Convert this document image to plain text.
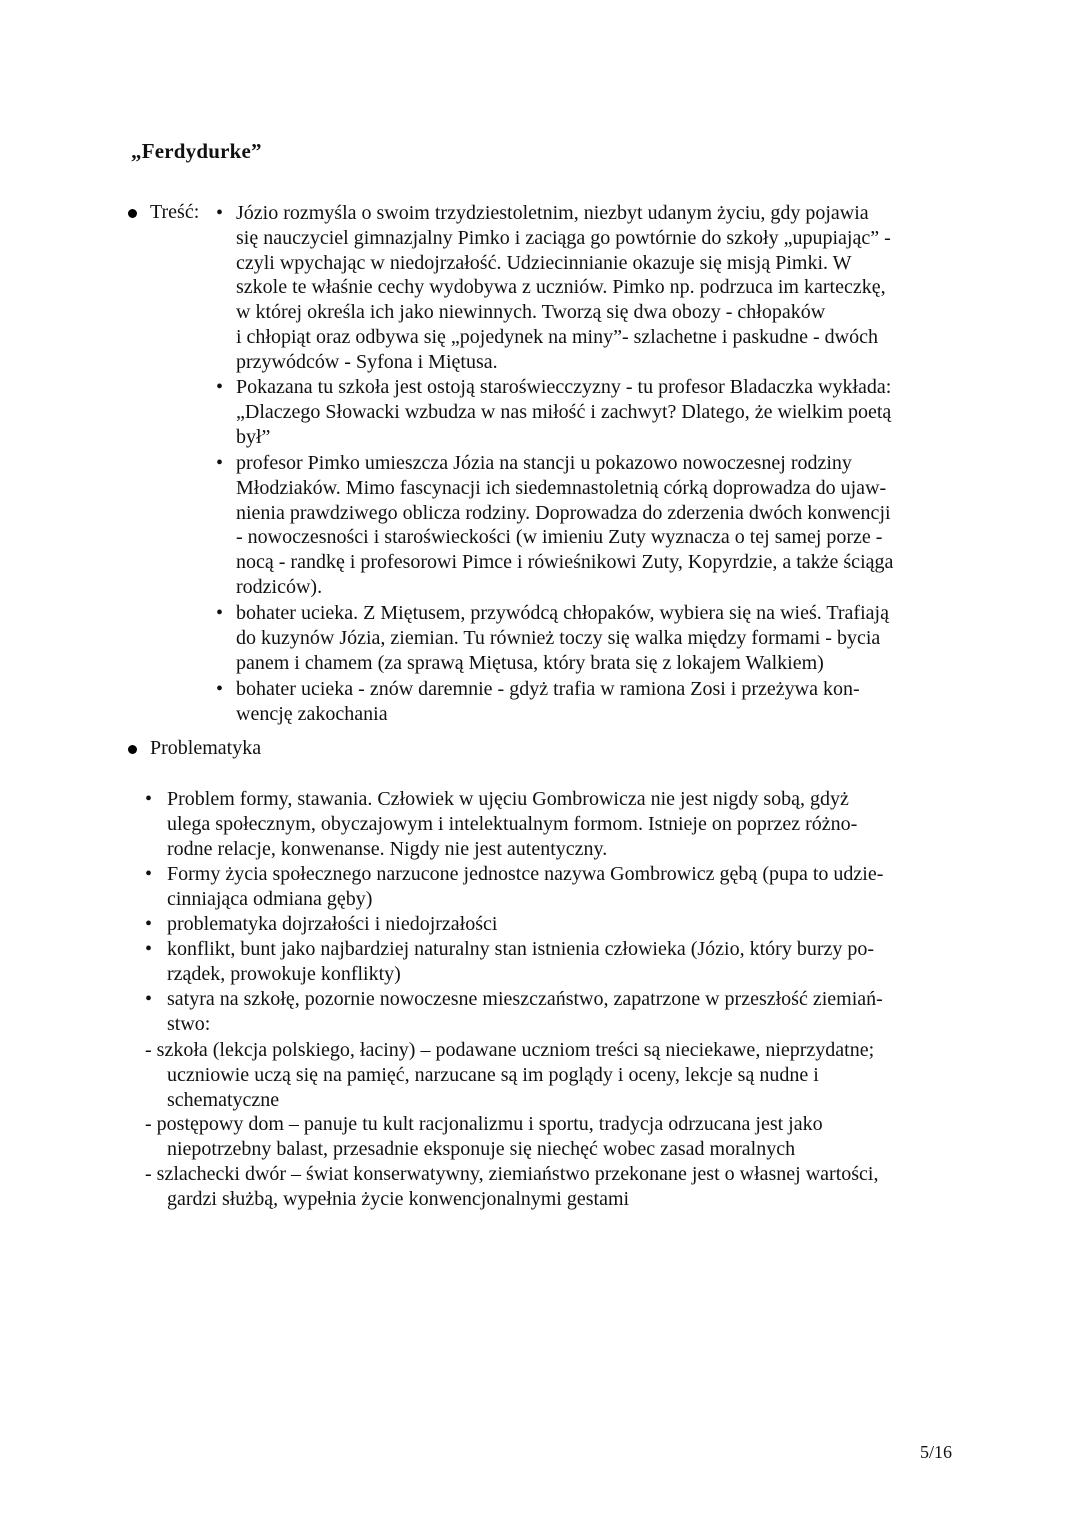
„Ferdydurke”
Treść: • Józio rozmyśla o swoim trzydziestoletnim, niezbyt udanym życiu, gdy pojawia
się nauczyciel gimnazjalny Pimko i zaciąga go powtórnie do szkoły „upupiając” -
czyli wpychając w niedojrzałość. Udziecinnianie okazuje się misją Pimki. W
szkole te właśnie cechy wydobywa z uczniów. Pimko np. podrzuca im karteczkę,
w której określa ich jako niewinnych. Tworzą się dwa obozy - chłopaków
i chłopiąt oraz odbywa się „pojedynek na miny”- szlachetne i paskudne - dwóch
przywódców - Syfona i Miętusa.
• Pokazana tu szkoła jest ostoją staroświecczyzny - tu profesor Bladaczka wykłada:
„Dlaczego Słowacki wzbudza w nas miłość i zachwyt? Dlatego, że wielkim poetą
był”
• profesor Pimko umieszcza Józia na stancji u pokazowo nowoczesnej rodziny
Młodziaków. Mimo fascynacji ich siedemnastoletnią córką doprowadza do ujaw-
nienia prawdziwego oblicza rodziny. Doprowadza do zderzenia dwóch konwencji
- nowoczesności i staroświeckości (w imieniu Zuty wyznacza o tej samej porze -
nocą - randkę i profesorowi Pimce i rówieśnikowi Zuty, Kopyrdzie, a także ściąga
rodziców).
• bohater ucieka. Z Miętusem, przywódcą chłopaków, wybiera się na wieś. Trafiają
do kuzynów Józia, ziemian. Tu również toczy się walka między formami - bycia
panem i chamem (za sprawą Miętusa, który brata się z lokajem Walkiem)
• bohater ucieka - znów daremnie - gdyż trafia w ramiona Zosi i przeżywa kon-
wencję zakochania
Problematyka
• Problem formy, stawania. Człowiek w ujęciu Gombrowicza nie jest nigdy sobą, gdyż
ulega społecznym, obyczajowym i intelektualnym formom. Istnieje on poprzez różno-
rodne relacje, konwenanse. Nigdy nie jest autentyczny.
• Formy życia społecznego narzucone jednostce nazywa Gombrowicz gębą (pupa to udzie-
cinniająca odmiana gęby)
• problematyka dojrzałości i niedojrzałości
• konflikt, bunt jako najbardziej naturalny stan istnienia człowieka (Józio, który burzy po-
rządek, prowokuje konflikty)
• satyra na szkołę, pozornie nowoczesne mieszczaństwo, zapatrzone w przeszłość ziemiań-
stwo:
- szkoła (lekcja polskiego, łaciny) – podawane uczniom treści są nieciekawe, nieprzydatne;
uczniowie uczą się na pamięć, narzucane są im poglądy i oceny, lekcje są nudne i
schematyczne
- postępowy dom – panuje tu kult racjonalizmu i sportu, tradycja odrzucana jest jako
niepotrzebny balast, przesadnie eksponuje się niechęć wobec zasad moralnych
- szlachecki dwór – świat konserwatywny, ziemiaństwo przekonane jest o własnej wartości,
gardzi służbą, wypełnia życie konwencjonalnymi gestami
5/16
